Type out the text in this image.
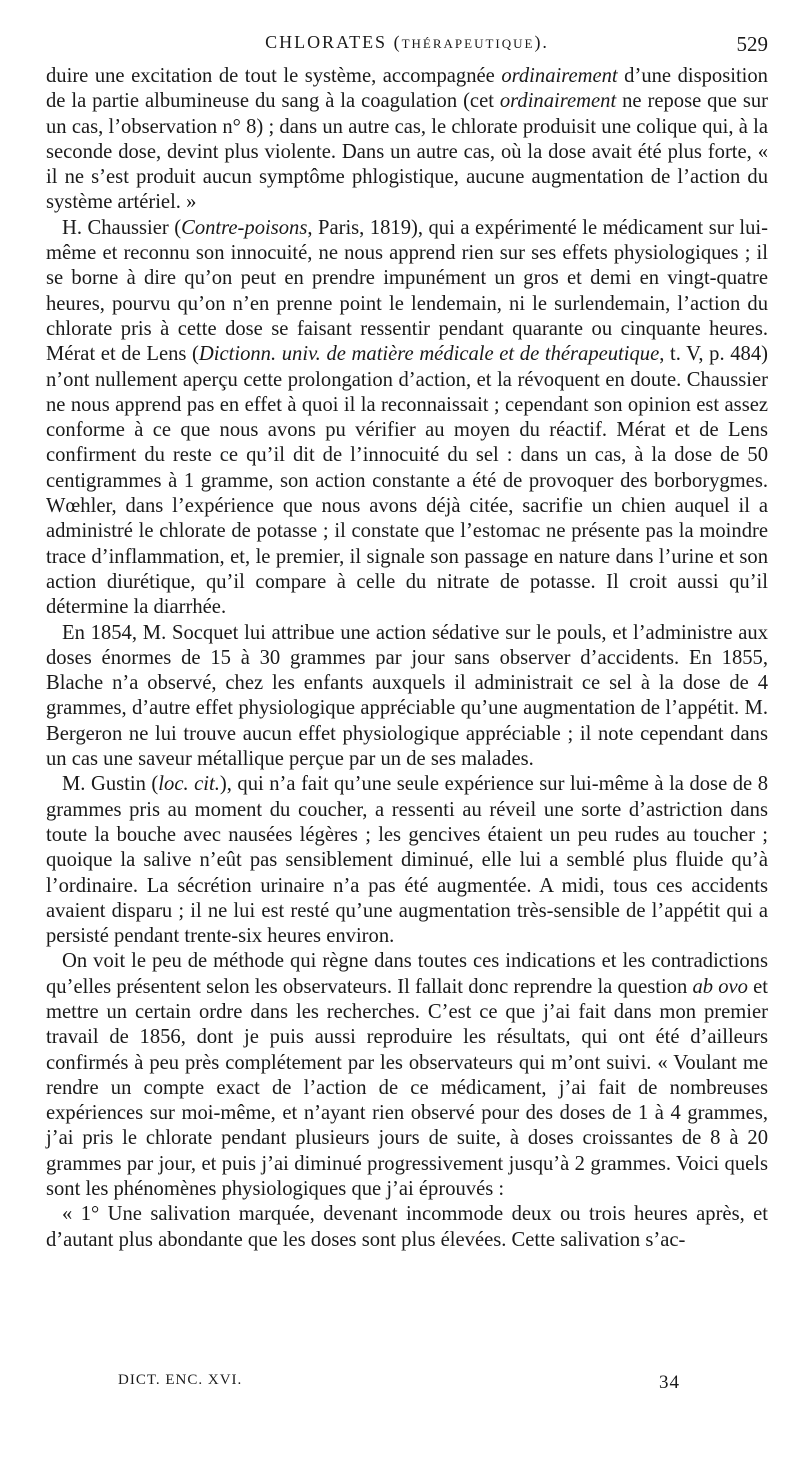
CHLORATES (thérapeutique).	529

duire une excitation de tout le système, accompagnée ordinairement d’une disposition de la partie albumineuse du sang à la coagulation (cet ordinairement ne repose que sur un cas, l’observation n° 8) ; dans un autre cas, le chlorate produisit une colique qui, à la seconde dose, devint plus violente. Dans un autre cas, où la dose avait été plus forte, « il ne s’est produit aucun symptôme phlogistique, aucune augmentation de l’action du système artériel. »

H. Chaussier (Contre-poisons, Paris, 1819), qui a expérimenté le médicament sur lui-même et reconnu son innocuité, ne nous apprend rien sur ses effets physiologiques ; il se borne à dire qu’on peut en prendre impunément un gros et demi en vingt-quatre heures, pourvu qu’on n’en prenne point le lendemain, ni le surlendemain, l’action du chlorate pris à cette dose se faisant ressentir pendant quarante ou cinquante heures. Mérat et de Lens (Dictionn. univ. de matière médicale et de thérapeutique, t. V, p. 484) n’ont nullement aperçu cette prolongation d’action, et la révoquent en doute. Chaussier ne nous apprend pas en effet à quoi il la reconnaissait ; cependant son opinion est assez conforme à ce que nous avons pu vérifier au moyen du réactif. Mérat et de Lens confirment du reste ce qu’il dit de l’innocuité du sel : dans un cas, à la dose de 50 centigrammes à 1 gramme, son action constante a été de provoquer des borborygmes. Wœhler, dans l’expérience que nous avons déjà citée, sacrifie un chien auquel il a administré le chlorate de potasse ; il constate que l’estomac ne présente pas la moindre trace d’inflammation, et, le premier, il signale son passage en nature dans l’urine et son action diurétique, qu’il compare à celle du nitrate de potasse. Il croit aussi qu’il détermine la diarrhée.

En 1854, M. Socquet lui attribue une action sédative sur le pouls, et l’administre aux doses énormes de 15 à 30 grammes par jour sans observer d’accidents. En 1855, Blache n’a observé, chez les enfants auxquels il administrait ce sel à la dose de 4 grammes, d’autre effet physiologique appréciable qu’une augmentation de l’appétit. M. Bergeron ne lui trouve aucun effet physiologique appréciable ; il note cependant dans un cas une saveur métallique perçue par un de ses malades.

M. Gustin (loc. cit.), qui n’a fait qu’une seule expérience sur lui-même à la dose de 8 grammes pris au moment du coucher, a ressenti au réveil une sorte d’astriction dans toute la bouche avec nausées légères ; les gencives étaient un peu rudes au toucher ; quoique la salive n’eût pas sensiblement diminué, elle lui a semblé plus fluide qu’à l’ordinaire. La sécrétion urinaire n’a pas été augmentée. A midi, tous ces accidents avaient disparu ; il ne lui est resté qu’une augmentation très-sensible de l’appétit qui a persisté pendant trente-six heures environ.

On voit le peu de méthode qui règne dans toutes ces indications et les contradictions qu’elles présentent selon les observateurs. Il fallait donc reprendre la question ab ovo et mettre un certain ordre dans les recherches. C’est ce que j’ai fait dans mon premier travail de 1856, dont je puis aussi reproduire les résultats, qui ont été d’ailleurs confirmés à peu près complétement par les observateurs qui m’ont suivi. « Voulant me rendre un compte exact de l’action de ce médicament, j’ai fait de nombreuses expériences sur moi-même, et n’ayant rien observé pour des doses de 1 à 4 grammes, j’ai pris le chlorate pendant plusieurs jours de suite, à doses croissantes de 8 à 20 grammes par jour, et puis j’ai diminué progressivement jusqu’à 2 grammes. Voici quels sont les phénomènes physiologiques que j’ai éprouvés :

« 1° Une salivation marquée, devenant incommode deux ou trois heures après, et d’autant plus abondante que les doses sont plus élevées. Cette salivation s’ac-

DICT. ENC. XVI.	34
